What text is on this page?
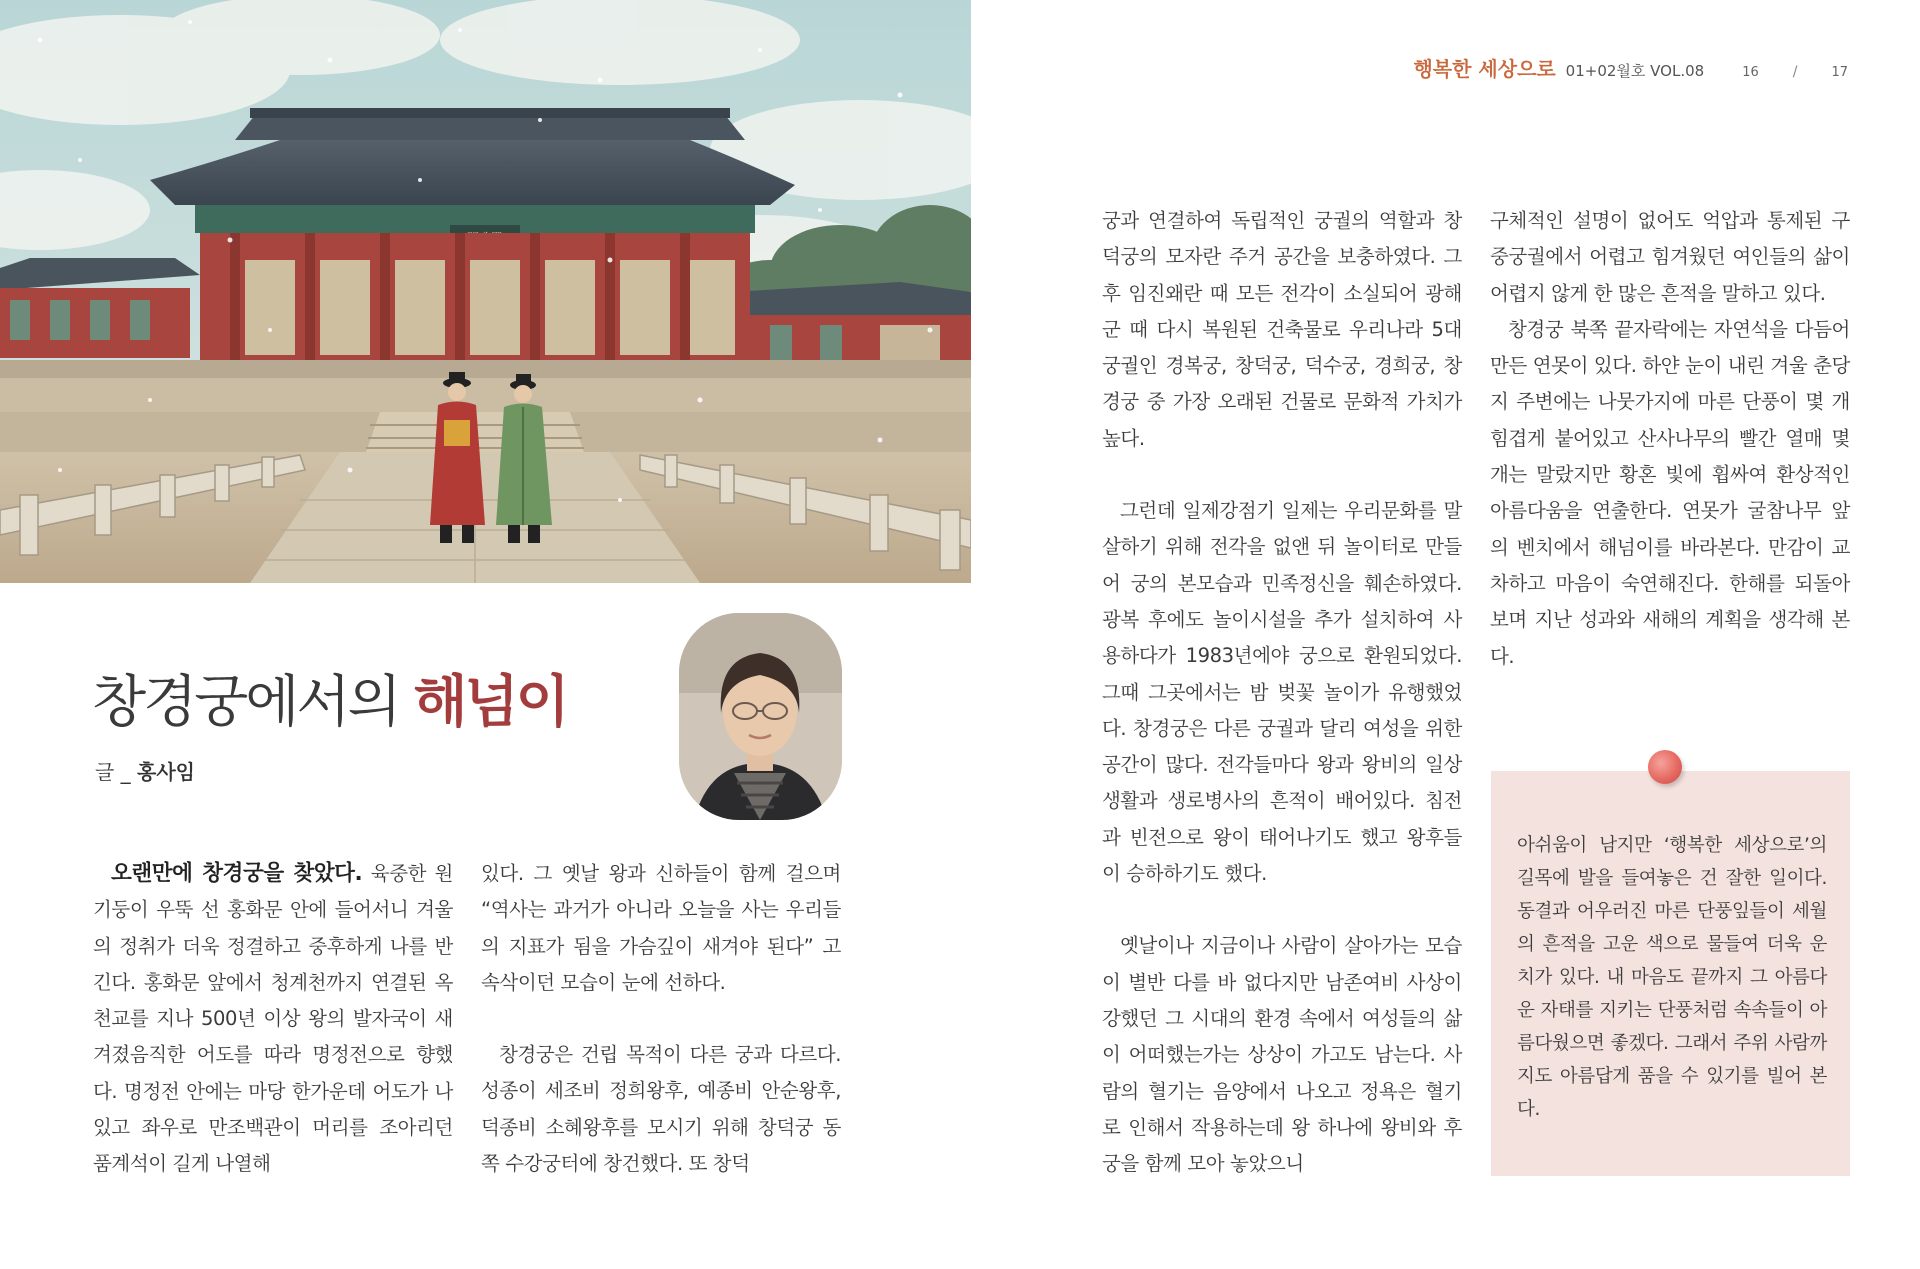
행복한 세상으로 01+02월호 VOL.08	16 /	17
창경궁에서의 해넘이
글 _ 홍사임

오랜만에 창경궁을 찾았다. 육중한 원기둥이 우뚝 선 홍화문 안에 들어서니 겨울의 정취가 더욱 정결하고 중후하게 나를 반긴다. 홍화문 앞에서 청계천까지 연결된 옥천교를 지나 500년 이상 왕의 발자국이 새겨졌음직한 어도를 따라 명정전으로 향했다. 명정전 안에는 마당 한가운데 어도가 나있고 좌우로 만조백관이 머리를 조아리던 품계석이 길게 나열해

있다. 그 옛날 왕과 신하들이 함께 걸으며 “역사는 과거가 아니라 오늘을 사는 우리들의 지표가 됨을 가슴깊이 새겨야 된다” 고 속삭이던 모습이 눈에 선하다.

창경궁은 건립 목적이 다른 궁과 다르다. 성종이 세조비 정희왕후, 예종비 안순왕후, 덕종비 소혜왕후를 모시기 위해 창덕궁 동쪽 수강궁터에 창건했다. 또 창덕

궁과 연결하여 독립적인 궁궐의 역할과 창덕궁의 모자란 주거 공간을 보충하였다. 그 후 임진왜란 때 모든 전각이 소실되어 광해군 때 다시 복원된 건축물로 우리나라 5대궁궐인 경복궁, 창덕궁, 덕수궁, 경희궁, 창경궁 중 가장 오래된 건물로 문화적 가치가 높다.

그런데 일제강점기 일제는 우리문화를 말살하기 위해 전각을 없앤 뒤 놀이터로 만들어 궁의 본모습과 민족정신을 훼손하였다. 광복 후에도 놀이시설을 추가 설치하여 사용하다가 1983년에야 궁으로 환원되었다. 그때 그곳에서는 밤 벚꽃 놀이가 유행했었다. 창경궁은 다른 궁궐과 달리 여성을 위한 공간이 많다. 전각들마다 왕과 왕비의 일상생활과 생로병사의 흔적이 배어있다. 침전과 빈전으로 왕이 태어나기도 했고 왕후들이 승하하기도 했다.

옛날이나 지금이나 사람이 살아가는 모습이 별반 다를 바 없다지만 남존여비 사상이 강했던 그 시대의 환경 속에서 여성들의 삶이 어떠했는가는 상상이 가고도 남는다. 사람의 혈기는 음양에서 나오고 정욕은 혈기로 인해서 작용하는데 왕 하나에 왕비와 후궁을 함께 모아 놓았으니

구체적인 설명이 없어도 억압과 통제된 구중궁궐에서 어렵고 힘겨웠던 여인들의 삶이 어렵지 않게 한 많은 흔적을 말하고 있다.

창경궁 북쪽 끝자락에는 자연석을 다듬어 만든 연못이 있다. 하얀 눈이 내린 겨울 춘당지 주변에는 나뭇가지에 마른 단풍이 몇 개 힘겹게 붙어있고 산사나무의 빨간 열매 몇 개는 말랐지만 황혼 빛에 휩싸여 환상적인 아름다움을 연출한다. 연못가 굴참나무 앞의 벤치에서 해넘이를 바라본다. 만감이 교차하고 마음이 숙연해진다. 한해를 되돌아보며 지난 성과와 새해의 계획을 생각해 본다.

아쉬움이 남지만 ‘행복한 세상으로’의 길목에 발을 들여놓은 건 잘한 일이다. 동결과 어우러진 마른 단풍잎들이 세월의 흔적을 고운 색으로 물들여 더욱 운치가 있다. 내 마음도 끝까지 그 아름다운 자태를 지키는 단풍처럼 속속들이 아름다웠으면 좋겠다. 그래서 주위 사람까지도 아름답게 품을 수 있기를 빌어 본다.
